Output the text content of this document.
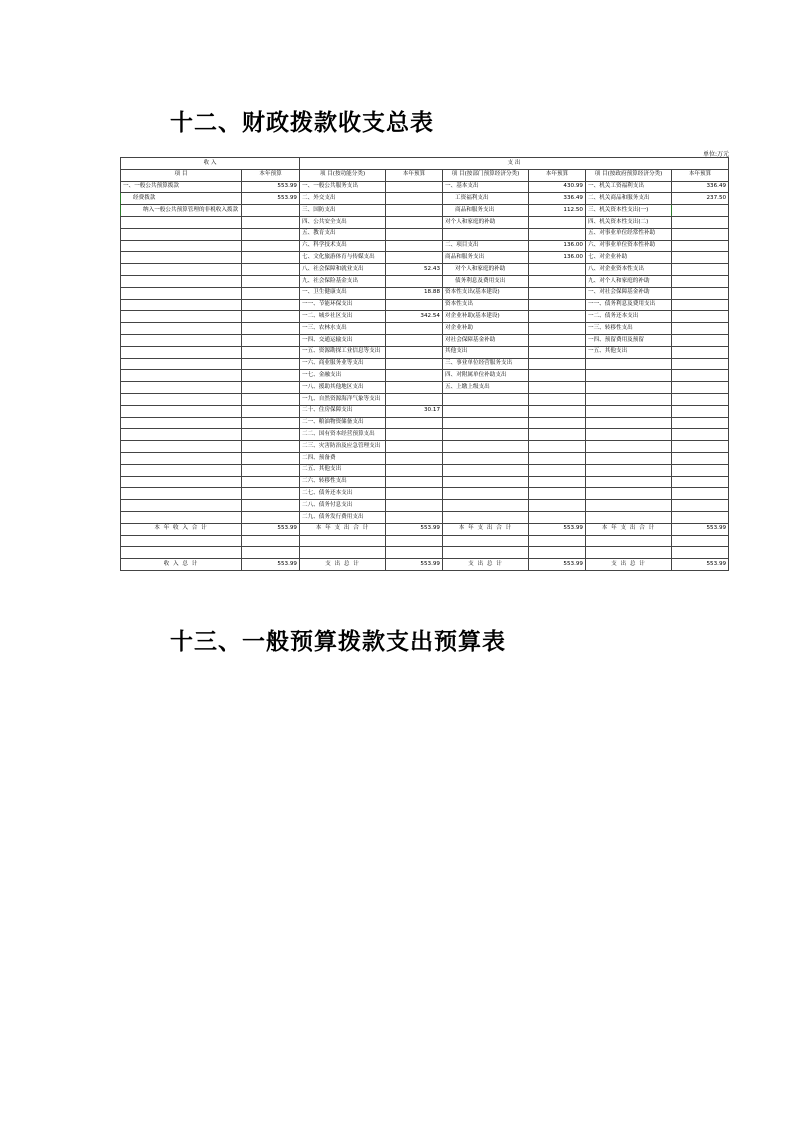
十二、财政拨款收支总表
单位:万元
收 入		支 出					
项 目	本年预算	项 目(按功能分类)	本年预算	项 目(按部门预算经济分类)	本年预算	项 目(按政府预算经济分类)	本年预算
一、一般公共预算拨款	553.99	一、一般公共服务支出		一、基本支出	430.99	一、机关工资福利支出	336.49
经费拨款	553.99	二、外交支出		工资福利支出	336.49	二、机关商品和服务支出	237.50
纳入一般公共预算管理的非税收入拨款		三、国防支出		商品和服务支出	112.50	三、机关资本性支出(一)	
		四、公共安全支出		对个人和家庭的补助		四、机关资本性支出(二)	
		五、教育支出				五、对事业单位经常性补助	
		六、科学技术支出		二、项目支出	136.00	六、对事业单位资本性补助	
		七、文化旅游体育与传媒支出		商品和服务支出	136.00	七、对企业补助	
		八、社会保障和就业支出	52.43	对个人和家庭的补助		八、对企业资本性支出	
		九、社会保险基金支出		债务利息及费用支出		九、对个人和家庭的补助	
		一、卫生健康支出	18.88	资本性支出(基本建设)		一、对社会保障基金补助	
		一一、节能环保支出		资本性支出		一一、债务利息及费用支出	
		一二、城乡社区支出	342.54	对企业补助(基本建设)		一二、债务还本支出	
		一三、农林水支出		对企业补助		一三、转移性支出	
		一四、交通运输支出		对社会保障基金补助		一四、预留费用及预留	
		一五、资源勘探工业信息等支出		其他支出		一五、其他支出	
		一六、商业服务业等支出		三、事业单位经营服务支出			
		一七、金融支出		四、对附属单位补助支出			
		一八、援助其他地区支出		五、上缴上级支出			
		一九、自然资源海洋气象等支出					
		二十、住房保障支出	30.17				
		二一、粮油物资储备支出					
		二二、国有资本经营预算支出					
		二三、灾害防治及应急管理支出					
		二四、预备费					
		二五、其他支出					
		二六、转移性支出					
		二七、债务还本支出					
		二八、债务付息支出					
		二九、债务发行费用支出					
本 年 收 入 合 计	553.99	本 年 支 出 合 计	553.99	本 年 支 出 合 计	553.99	本 年 支 出 合 计	553.99

收 入 总 计	553.99	支 出 总 计	553.99	支 出 总 计	553.99	支 出 总 计	553.99
十三、一般预算拨款支出预算表
